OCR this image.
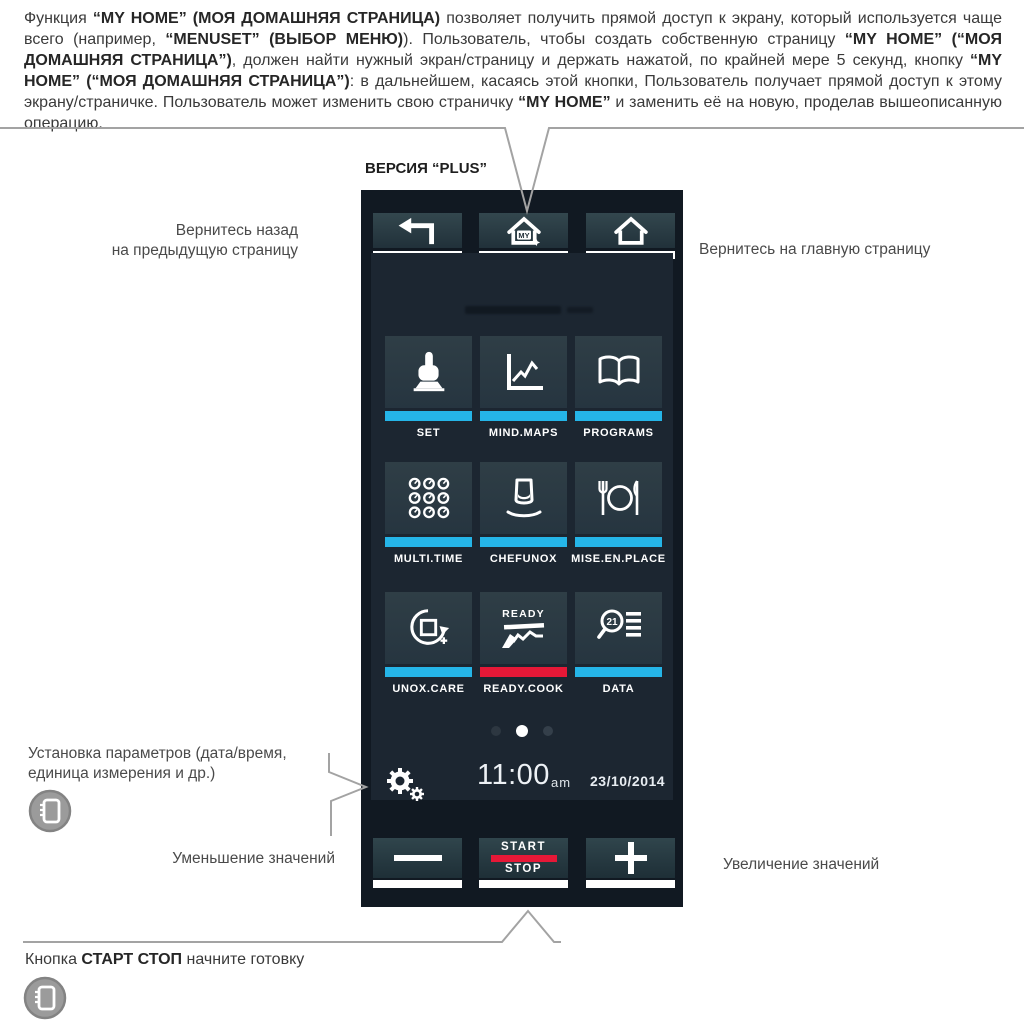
Функция “MY HOME” (МОЯ ДОМАШНЯЯ СТРАНИЦА) позволяет получить прямой доступ к экрану, который используется чаще всего (например, “MENUSET” (ВЫБОР МЕНЮ)). Пользователь, чтобы создать собственную страницу “MY HOME” (“МОЯ ДОМАШНЯЯ СТРАНИЦА”), должен найти нужный экран/страницу и держать нажатой, по крайней мере 5 секунд, кнопку “MY HOME” (“МОЯ ДОМАШНЯЯ СТРАНИЦА”): в дальнейшем, касаясь этой кнопки, Пользователь получает прямой доступ к этому экрану/страничке. Пользователь может изменить свою страничку “MY HOME” и заменить её на новую, проделав вышеописанную операцию.
ВЕРСИЯ “PLUS”
Вернитесь назад
на предыдущую страницу	Вернитесь на главную страницу
Установка параметров (дата/время,
единица измерения и др.)
Уменьшение значений	Увеличение значений
Кнопка СТАРТ СТОП начните готовку
MY
SET	MIND.MAPS	PROGRAMS
MULTI.TIME	CHEFUNOX	MISE.EN.PLACE
READY
21
UNOX.CARE	READY.COOK	DATA
11:00 am 23/10/2014
START
STOP
